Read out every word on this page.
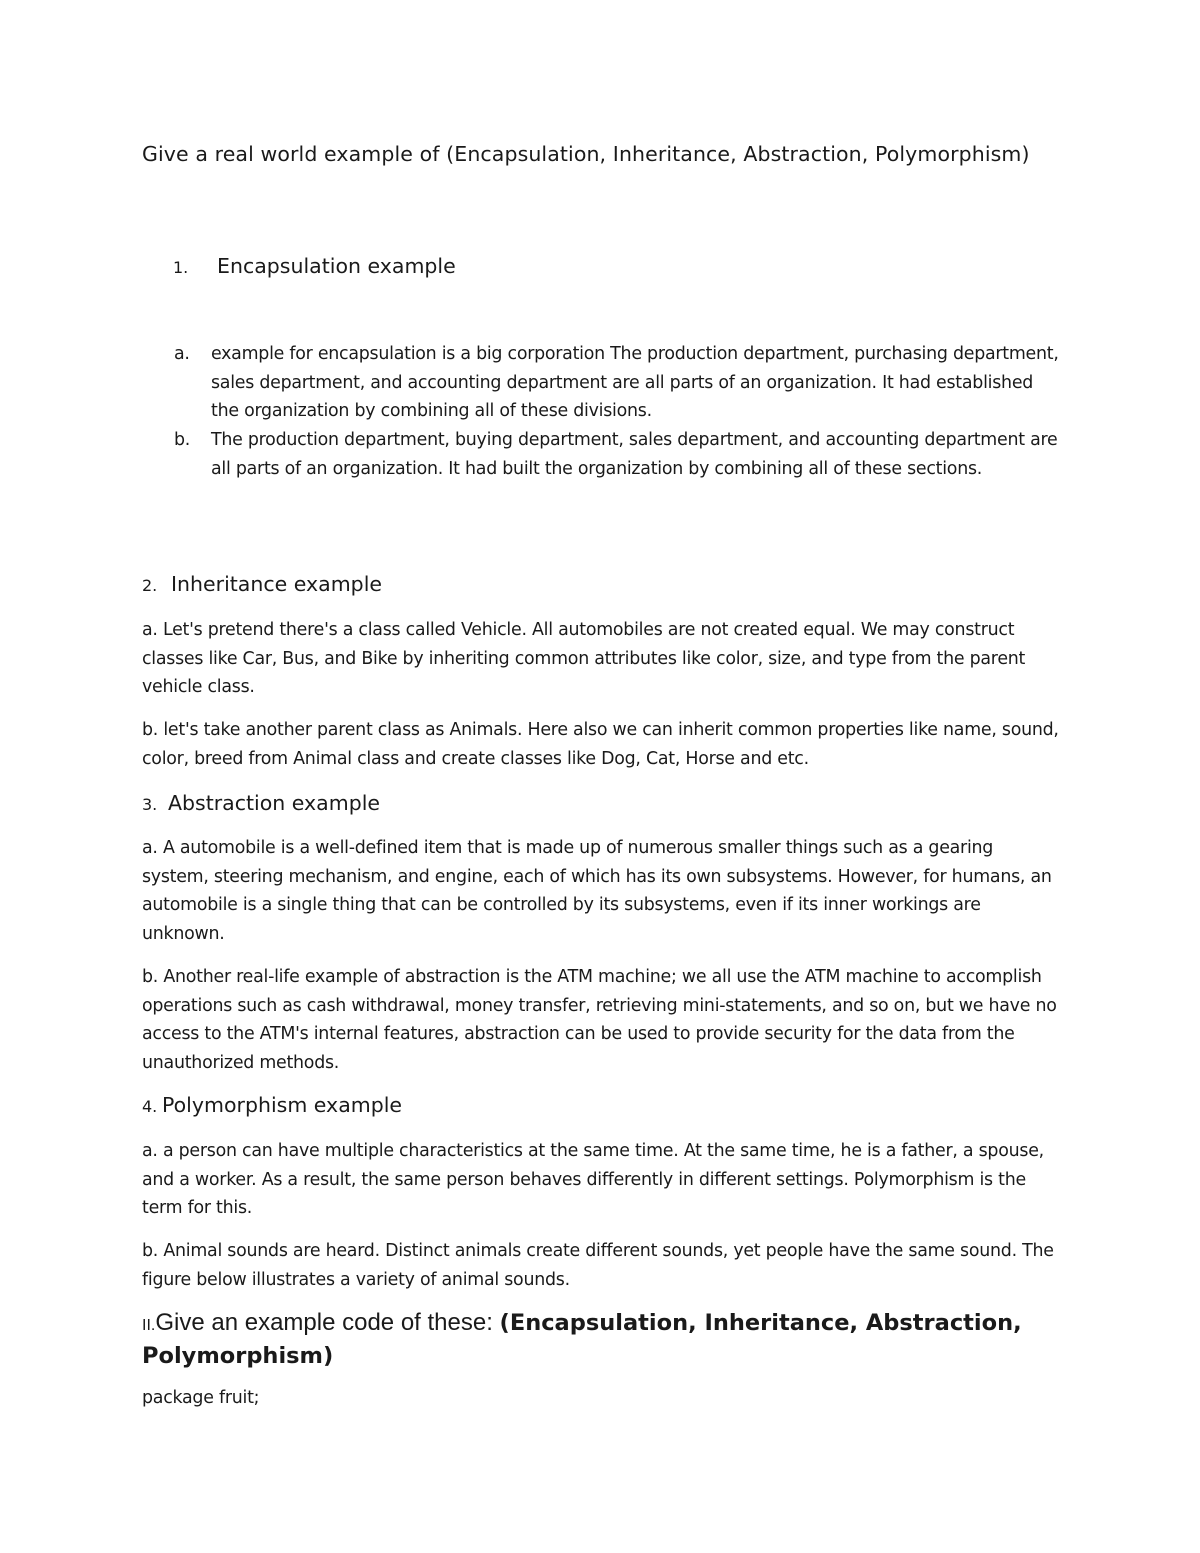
Give a real world example of (Encapsulation, Inheritance, Abstraction, Polymorphism)
1. Encapsulation example
a. example for encapsulation is a big corporation The production department, purchasing department, sales department, and accounting department are all parts of an organization. It had established the organization by combining all of these divisions.
b. The production department, buying department, sales department, and accounting department are all parts of an organization. It had built the organization by combining all of these sections.
2. Inheritance example
a. Let's pretend there's a class called Vehicle. All automobiles are not created equal. We may construct classes like Car, Bus, and Bike by inheriting common attributes like color, size, and type from the parent vehicle class.
b. let's take another parent class as Animals. Here also we can inherit common properties like name, sound, color, breed from Animal class and create classes like Dog, Cat, Horse and etc.
3. Abstraction example
a. A automobile is a well-defined item that is made up of numerous smaller things such as a gearing system, steering mechanism, and engine, each of which has its own subsystems. However, for humans, an automobile is a single thing that can be controlled by its subsystems, even if its inner workings are unknown.
b. Another real-life example of abstraction is the ATM machine; we all use the ATM machine to accomplish operations such as cash withdrawal, money transfer, retrieving mini-statements, and so on, but we have no access to the ATM's internal features, abstraction can be used to provide security for the data from the unauthorized methods.
4. Polymorphism example
a. a person can have multiple characteristics at the same time. At the same time, he is a father, a spouse, and a worker. As a result, the same person behaves differently in different settings. Polymorphism is the term for this.
b. Animal sounds are heard. Distinct animals create different sounds, yet people have the same sound. The figure below illustrates a variety of animal sounds.
II.Give an example code of these: (Encapsulation, Inheritance, Abstraction, Polymorphism)
package fruit;
